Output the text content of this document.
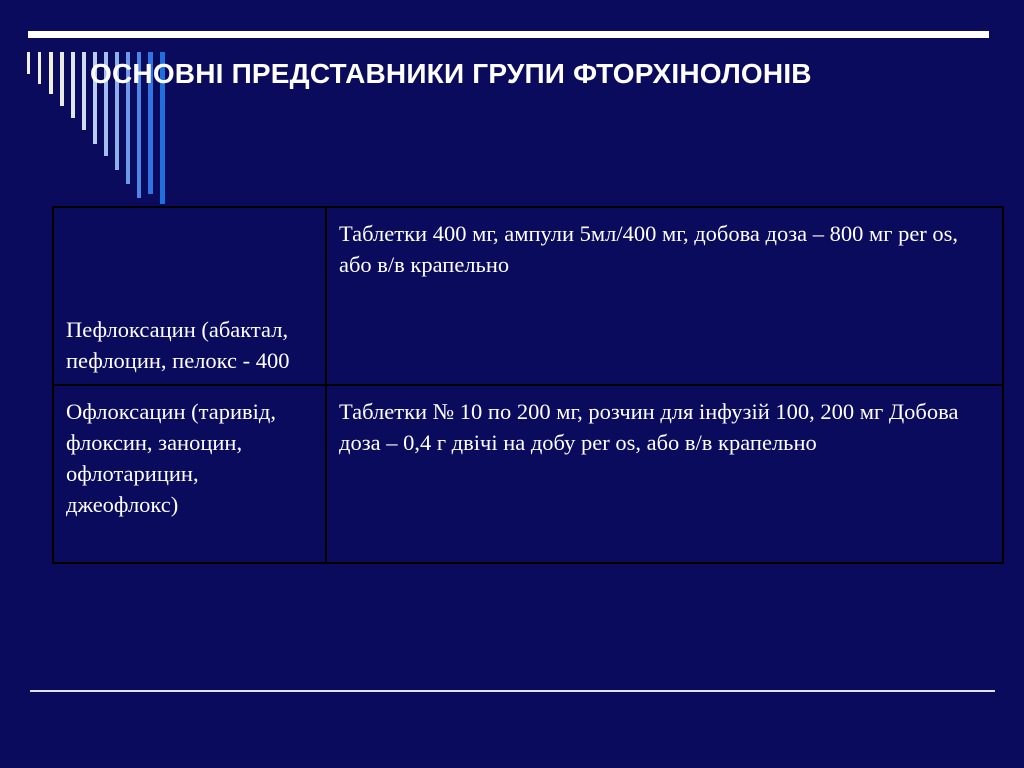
ОСНОВНІ ПРЕДСТАВНИКИ ГРУПИ ФТОРХІНОЛОНІВ
Пефлоксацин (абактал, пефлоцин, пелокс - 400	Таблетки 400 мг, ампули 5мл/400 мг, добова доза – 800 мг per os, або в/в крапельно
Офлоксацин (таривід, флоксин, заноцин, офлотарицин, джеофлокс)	Таблетки № 10 по 200 мг, розчин для інфузій 100, 200 мг Добова доза – 0,4 г двічі на добу per os, або в/в крапельно
